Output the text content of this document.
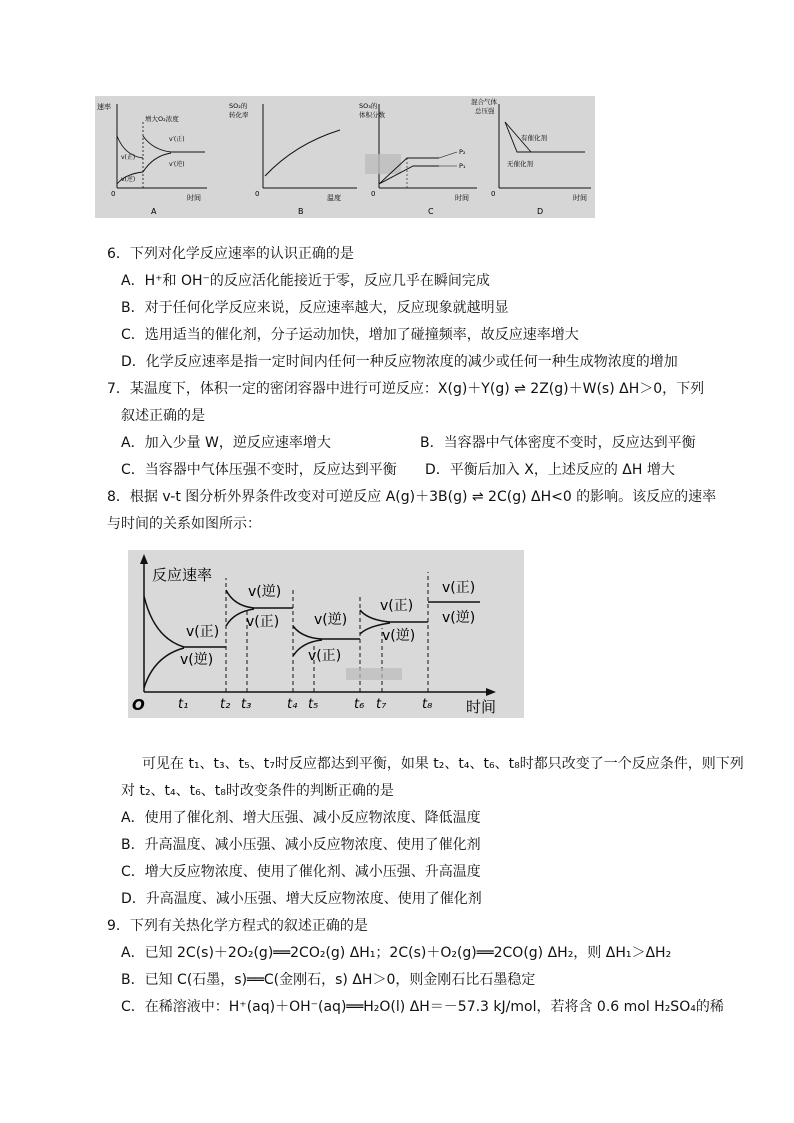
速率
增大O₂浓度
v(正)
v(逆)
v′(正)
v′(逆)
0	时间
A
SO₂的
转化率
0	温度
B
SO₃的
体积分数
P₂
P₁
0	时间
C
混合气体
总压强
有催化剂
无催化剂
0	时间
D
6．下列对化学反应速率的认识正确的是
A．H⁺和 OH⁻的反应活化能接近于零，反应几乎在瞬间完成
B．对于任何化学反应来说，反应速率越大，反应现象就越明显
C．选用适当的催化剂，分子运动加快，增加了碰撞频率，故反应速率增大
D．化学反应速率是指一定时间内任何一种反应物浓度的减少或任何一种生成物浓度的增加
7．某温度下，体积一定的密闭容器中进行可逆反应：X(g)＋Y(g) ⇌ 2Z(g)＋W(s) ΔH＞0，下列
叙述正确的是
A．加入少量 W，逆反应速率增大	B．当容器中气体密度不变时，反应达到平衡
C．当容器中气体压强不变时，反应达到平衡 D．平衡后加入 X，上述反应的 ΔH 增大
8．根据 v-t 图分析外界条件改变对可逆反应 A(g)＋3B(g) ⇌ 2C(g) ΔH<0 的影响。该反应的速率
与时间的关系如图所示：
反应速率
O	时间
v(正)
v(逆)
v(逆)
v(正) v(逆)
v(正)
v(正)
v(逆)
v(正)
v(逆)
t₁ t₂ t₃	t₄ t₅	t₆ t₇	t₈
可见在 t₁、t₃、t₅、t₇时反应都达到平衡，如果 t₂、t₄、t₆、t₈时都只改变了一个反应条件，则下列
对 t₂、t₄、t₆、t₈时改变条件的判断正确的是
A．使用了催化剂、增大压强、减小反应物浓度、降低温度
B．升高温度、减小压强、减小反应物浓度、使用了催化剂
C．增大反应物浓度、使用了催化剂、减小压强、升高温度
D．升高温度、减小压强、增大反应物浓度、使用了催化剂
9．下列有关热化学方程式的叙述正确的是
A．已知 2C(s)＋2O₂(g)══2CO₂(g) ΔH₁；2C(s)＋O₂(g)══2CO(g) ΔH₂，则 ΔH₁＞ΔH₂
B．已知 C(石墨，s)══C(金刚石，s) ΔH＞0，则金刚石比石墨稳定
C．在稀溶液中：H⁺(aq)＋OH⁻(aq)══H₂O(l) ΔH＝－57.3 kJ/mol，若将含 0.6 mol H₂SO₄的稀
